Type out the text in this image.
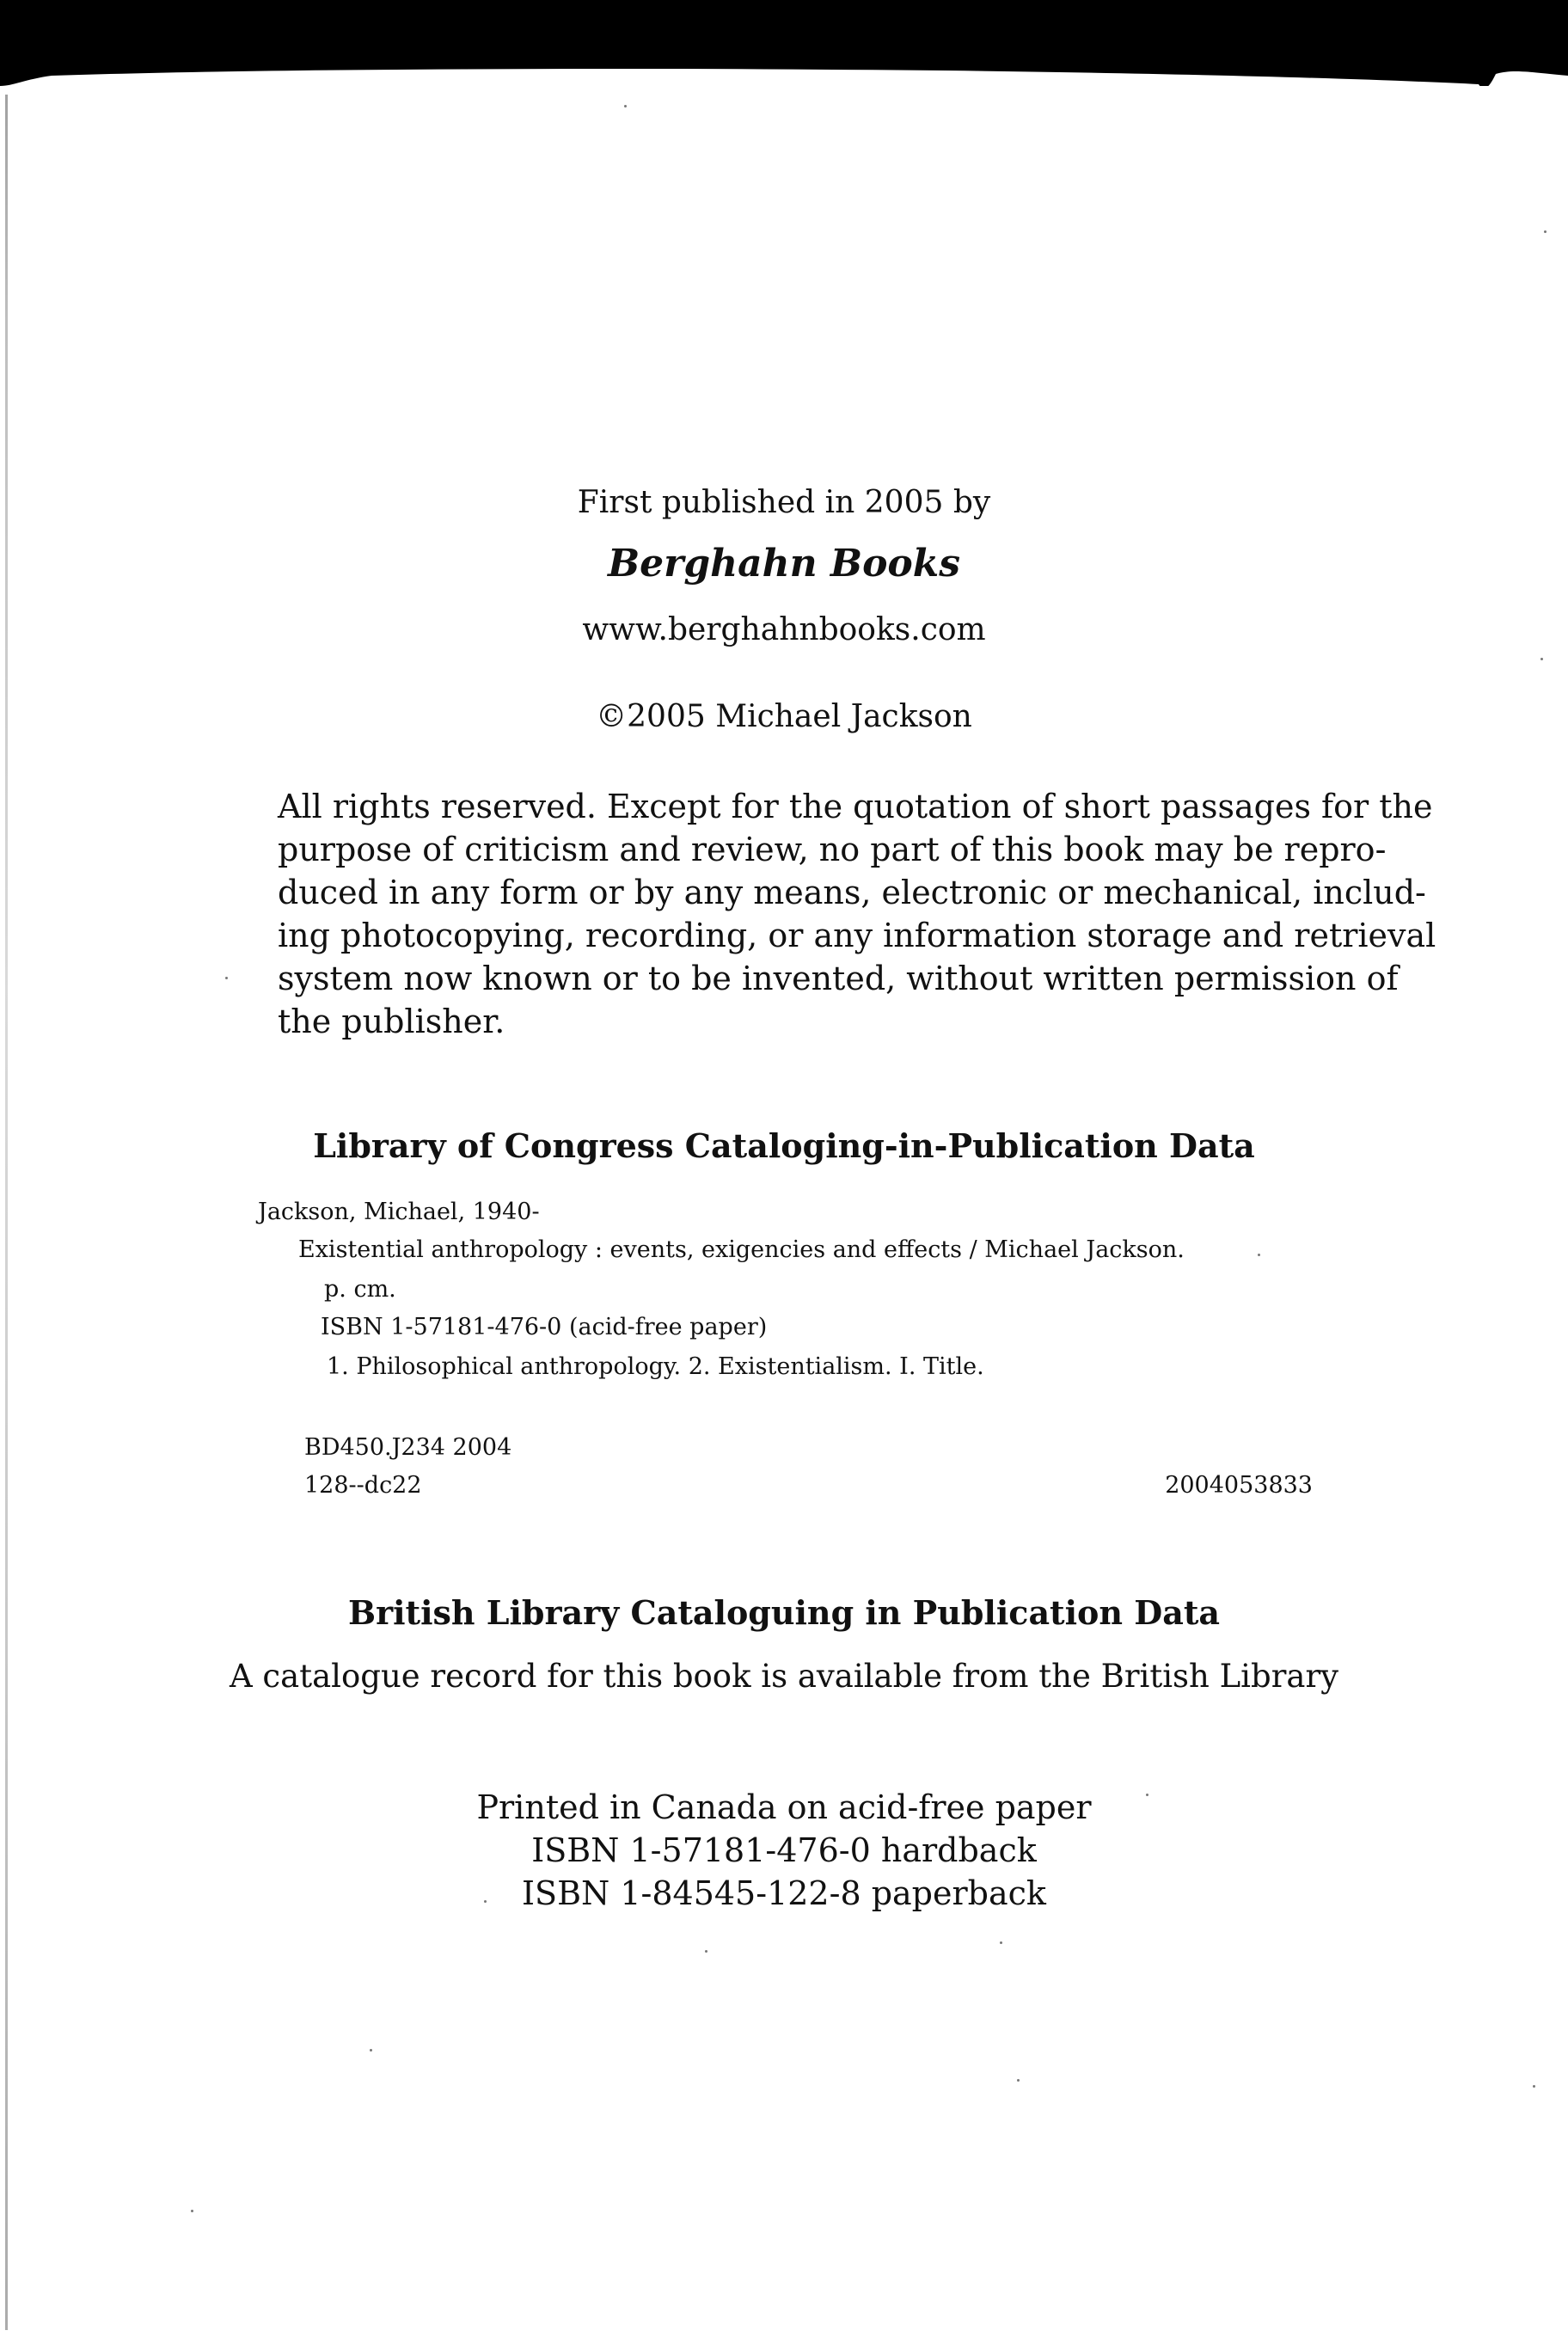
First published in 2005 by
Berghahn Books
www.berghahnbooks.com
©2005 Michael Jackson
All rights reserved. Except for the quotation of short passages for the
purpose of criticism and review, no part of this book may be repro-
duced in any form or by any means, electronic or mechanical, includ-
ing photocopying, recording, or any information storage and retrieval
system now known or to be invented, without written permission of
the publisher.
Library of Congress Cataloging-in-Publication Data
Jackson, Michael, 1940-
Existential anthropology : events, exigencies and effects / Michael Jackson.
p. cm.
ISBN 1-57181-476-0 (acid-free paper)
1. Philosophical anthropology. 2. Existentialism. I. Title.
BD450.J234 2004
128--dc22	2004053833
British Library Cataloguing in Publication Data
A catalogue record for this book is available from the British Library
Printed in Canada on acid-free paper
ISBN 1-57181-476-0 hardback
ISBN 1-84545-122-8 paperback
